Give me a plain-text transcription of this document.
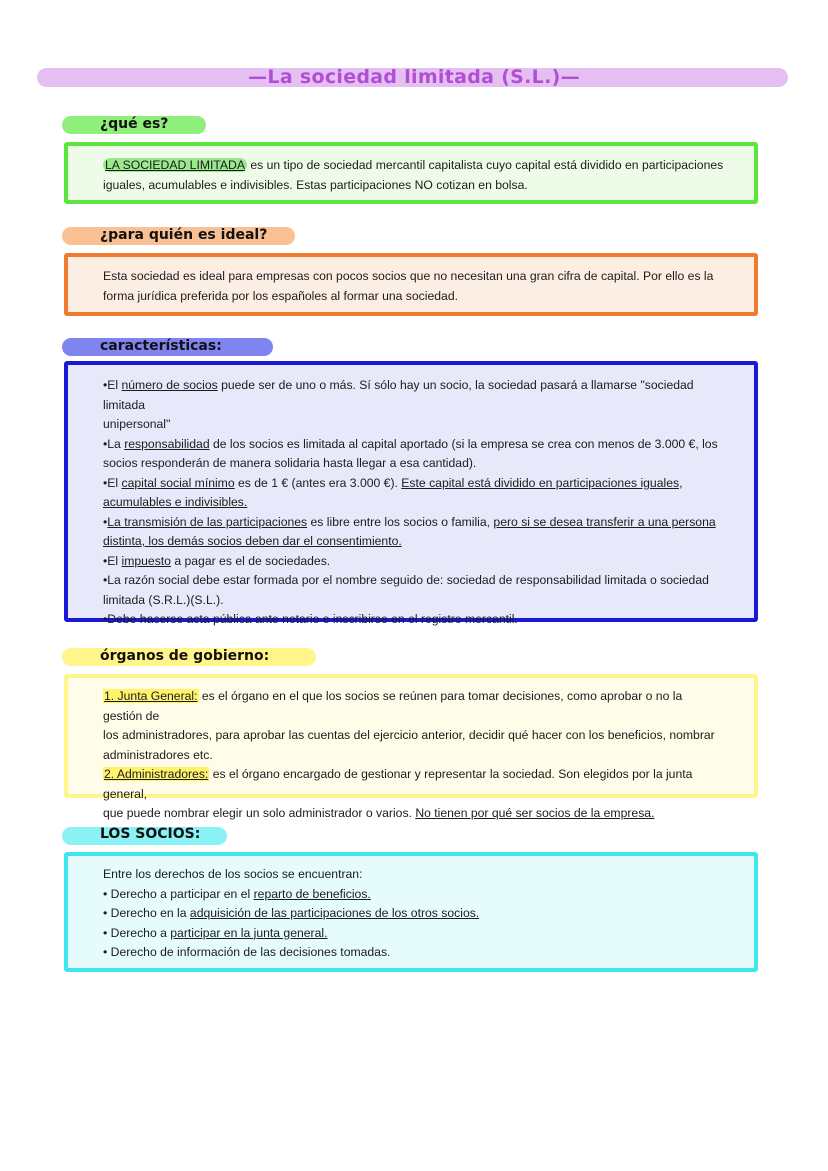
—La sociedad limitada (S.L.)—
¿qué es?
LA SOCIEDAD LIMITADA es un tipo de sociedad mercantil capitalista cuyo capital está dividido en participaciones
iguales, acumulables e indivisibles. Estas participaciones NO cotizan en bolsa.
¿para quién es ideal?
Esta sociedad es ideal para empresas con pocos socios que no necesitan una gran cifra de capital. Por ello es la
forma jurídica preferida por los españoles al formar una sociedad.
características:
•El número de socios puede ser de uno o más. Sí sólo hay un socio, la sociedad pasará a llamarse "sociedad limitada
unipersonal"
•La responsabilidad de los socios es limitada al capital aportado (si la empresa se crea con menos de 3.000 €, los
socios responderán de manera solidaria hasta llegar a esa cantidad).
•El capital social mínimo es de 1 € (antes era 3.000 €). Este capital está dividido en participaciones iguales,
acumulables e indivisibles.
•La transmisión de las participaciones es libre entre los socios o familia, pero si se desea transferir a una persona
distinta, los demás socios deben dar el consentimiento.
•El impuesto a pagar es el de sociedades.
•La razón social debe estar formada por el nombre seguido de: sociedad de responsabilidad limitada o sociedad
limitada (S.R.L.)(S.L.).
•Debe hacerse acta pública ante notario e inscribirse en el registro mercantil.
órganos de gobierno:
1. Junta General: es el órgano en el que los socios se reúnen para tomar decisiones, como aprobar o no la gestión de
los administradores, para aprobar las cuentas del ejercicio anterior, decidir qué hacer con los beneficios, nombrar
administradores etc.
2. Administradores: es el órgano encargado de gestionar y representar la sociedad. Son elegidos por la junta general,
que puede nombrar elegir un solo administrador o varios. No tienen por qué ser socios de la empresa.
LOS SOCIOS:
Entre los derechos de los socios se encuentran:
• Derecho a participar en el reparto de beneficios.
• Derecho en la adquisición de las participaciones de los otros socios.
• Derecho a participar en la junta general.
• Derecho de información de las decisiones tomadas.
